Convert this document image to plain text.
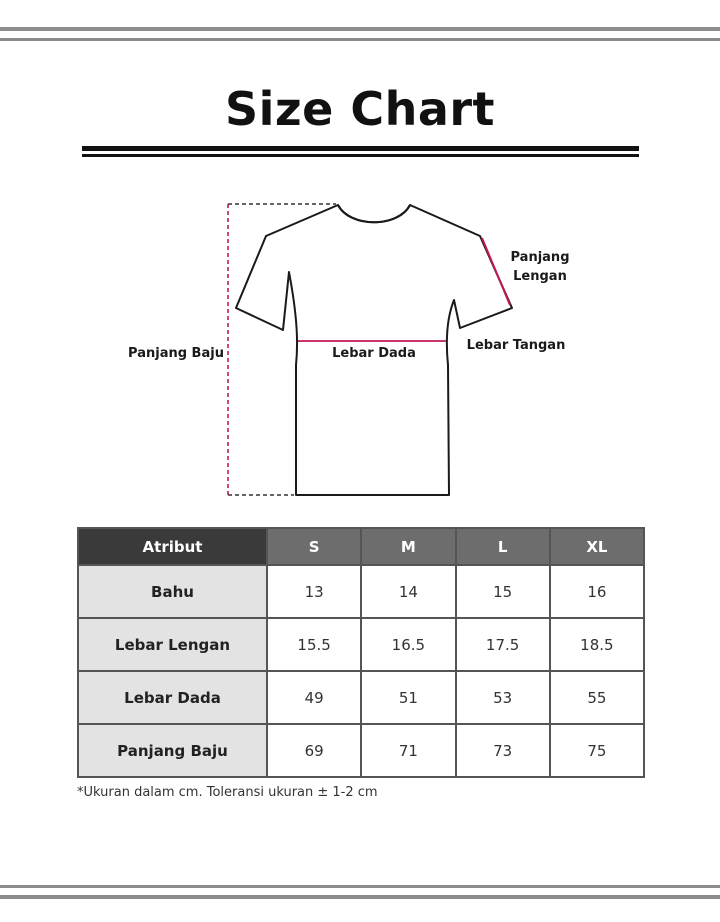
Size Chart
Panjang
Lengan
Lebar Tangan
Panjang Baju	Lebar Dada
Atribut	S	M	L	XL
Bahu	13	14	15	16
Lebar Lengan	15.5	16.5	17.5	18.5
Lebar Dada	49	51	53	55
Panjang Baju	69	71	73	75
*Ukuran dalam cm. Toleransi ukuran ± 1-2 cm
